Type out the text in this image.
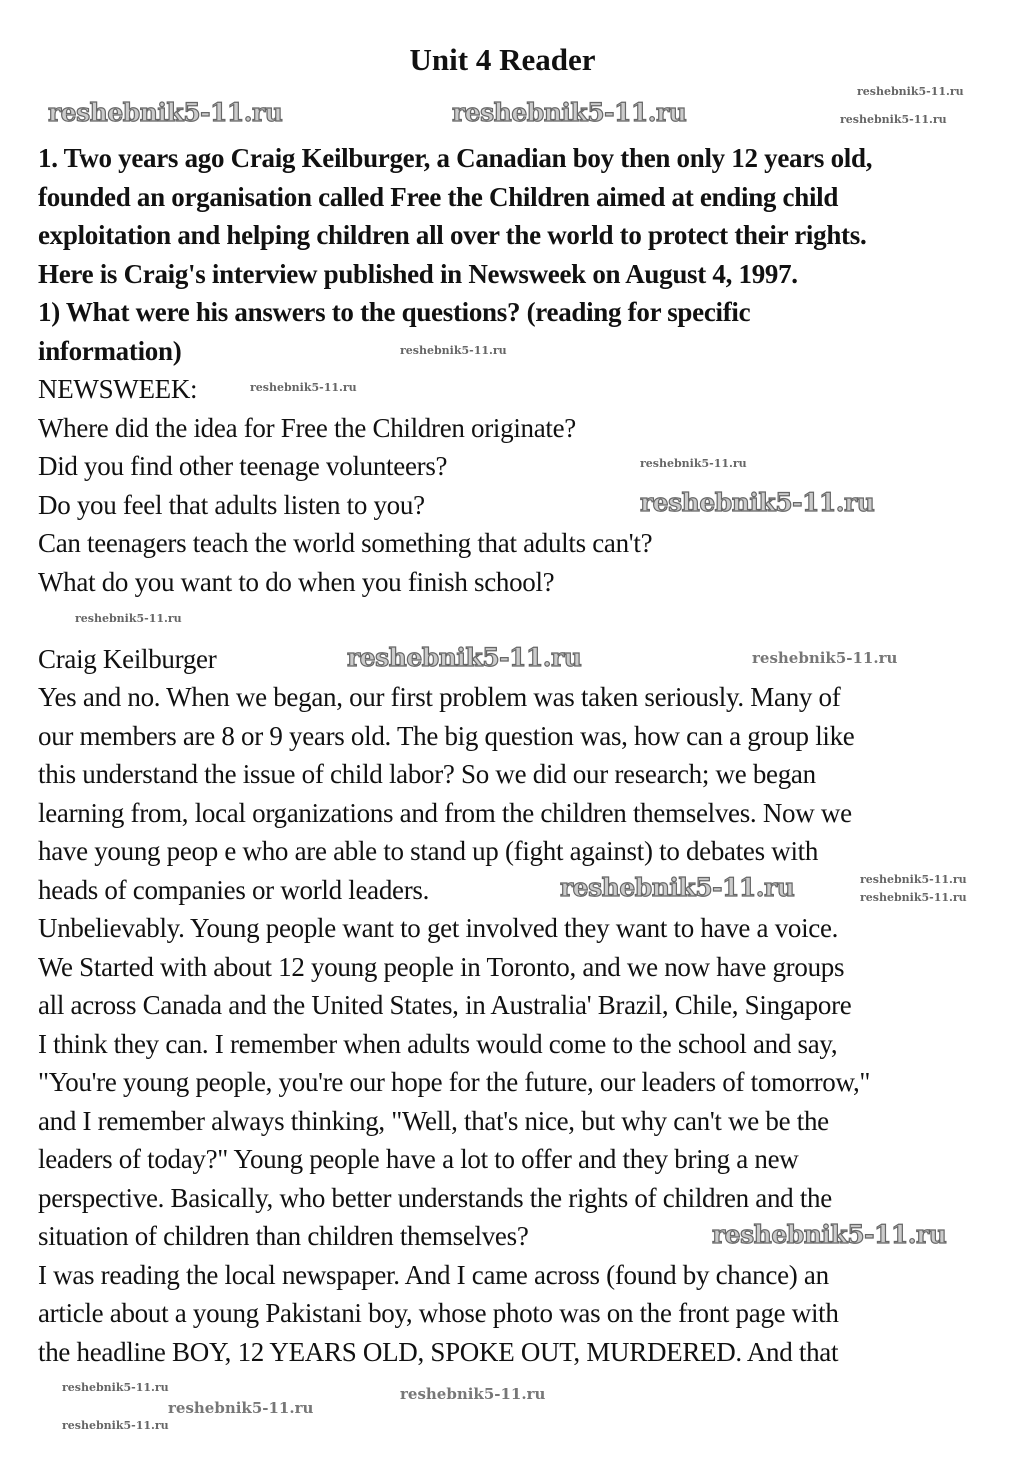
Unit 4 Reader
1. Two years ago Craig Keilburger, a Canadian boy then only 12 years old,
founded an organisation called Free the Children aimed at ending child
exploitation and helping children all over the world to protect their rights.
Here is Craig's interview published in Newsweek on August 4, 1997.
1) What were his answers to the questions? (reading for specific
information)
NEWSWEEK:
Where did the idea for Free the Children originate?
Did you find other teenage volunteers?
Do you feel that adults listen to you?
Can teenagers teach the world something that adults can't?
What do you want to do when you finish school?
Craig Keilburger
Yes and no. When we began, our first problem was taken seriously. Many of
our members are 8 or 9 years old. The big question was, how can a group like
this understand the issue of child labor? So we did our research; we began
learning from, local organizations and from the children themselves. Now we
have young peop e who are able to stand up (fight against) to debates with
heads of companies or world leaders.
Unbelievably. Young people want to get involved they want to have a voice.
We Started with about 12 young people in Toronto, and we now have groups
all across Canada and the United States, in Australia' Brazil, Chile, Singapore
I think they can. I remember when adults would come to the school and say,
"You're young people, you're our hope for the future, our leaders of tomorrow,"
and I remember always thinking, "Well, that's nice, but why can't we be the
leaders of today?" Young people have a lot to offer and they bring a new
perspective. Basically, who better understands the rights of children and the
situation of children than children themselves?
I was reading the local newspaper. And I came across (found by chance) an
article about a young Pakistani boy, whose photo was on the front page with
the headline BOY, 12 YEARS OLD, SPOKE OUT, MURDERED. And that
reshebnik5-11.ru	reshebnik5-11.ru
reshebnik5-11.ru
reshebnik5-11.ru
reshebnik5-11.ru
reshebnik5-11.ru
reshebnik5-11.ru
reshebnik5-11.ru
reshebnik5-11.ru
reshebnik5-11.ru	reshebnik5-11.ru
reshebnik5-11.ru	reshebnik5-11.ru
reshebnik5-11.ru
reshebnik5-11.ru
reshebnik5-11.ru
reshebnik5-11.ru
reshebnik5-11.ru
reshebnik5-11.ru
